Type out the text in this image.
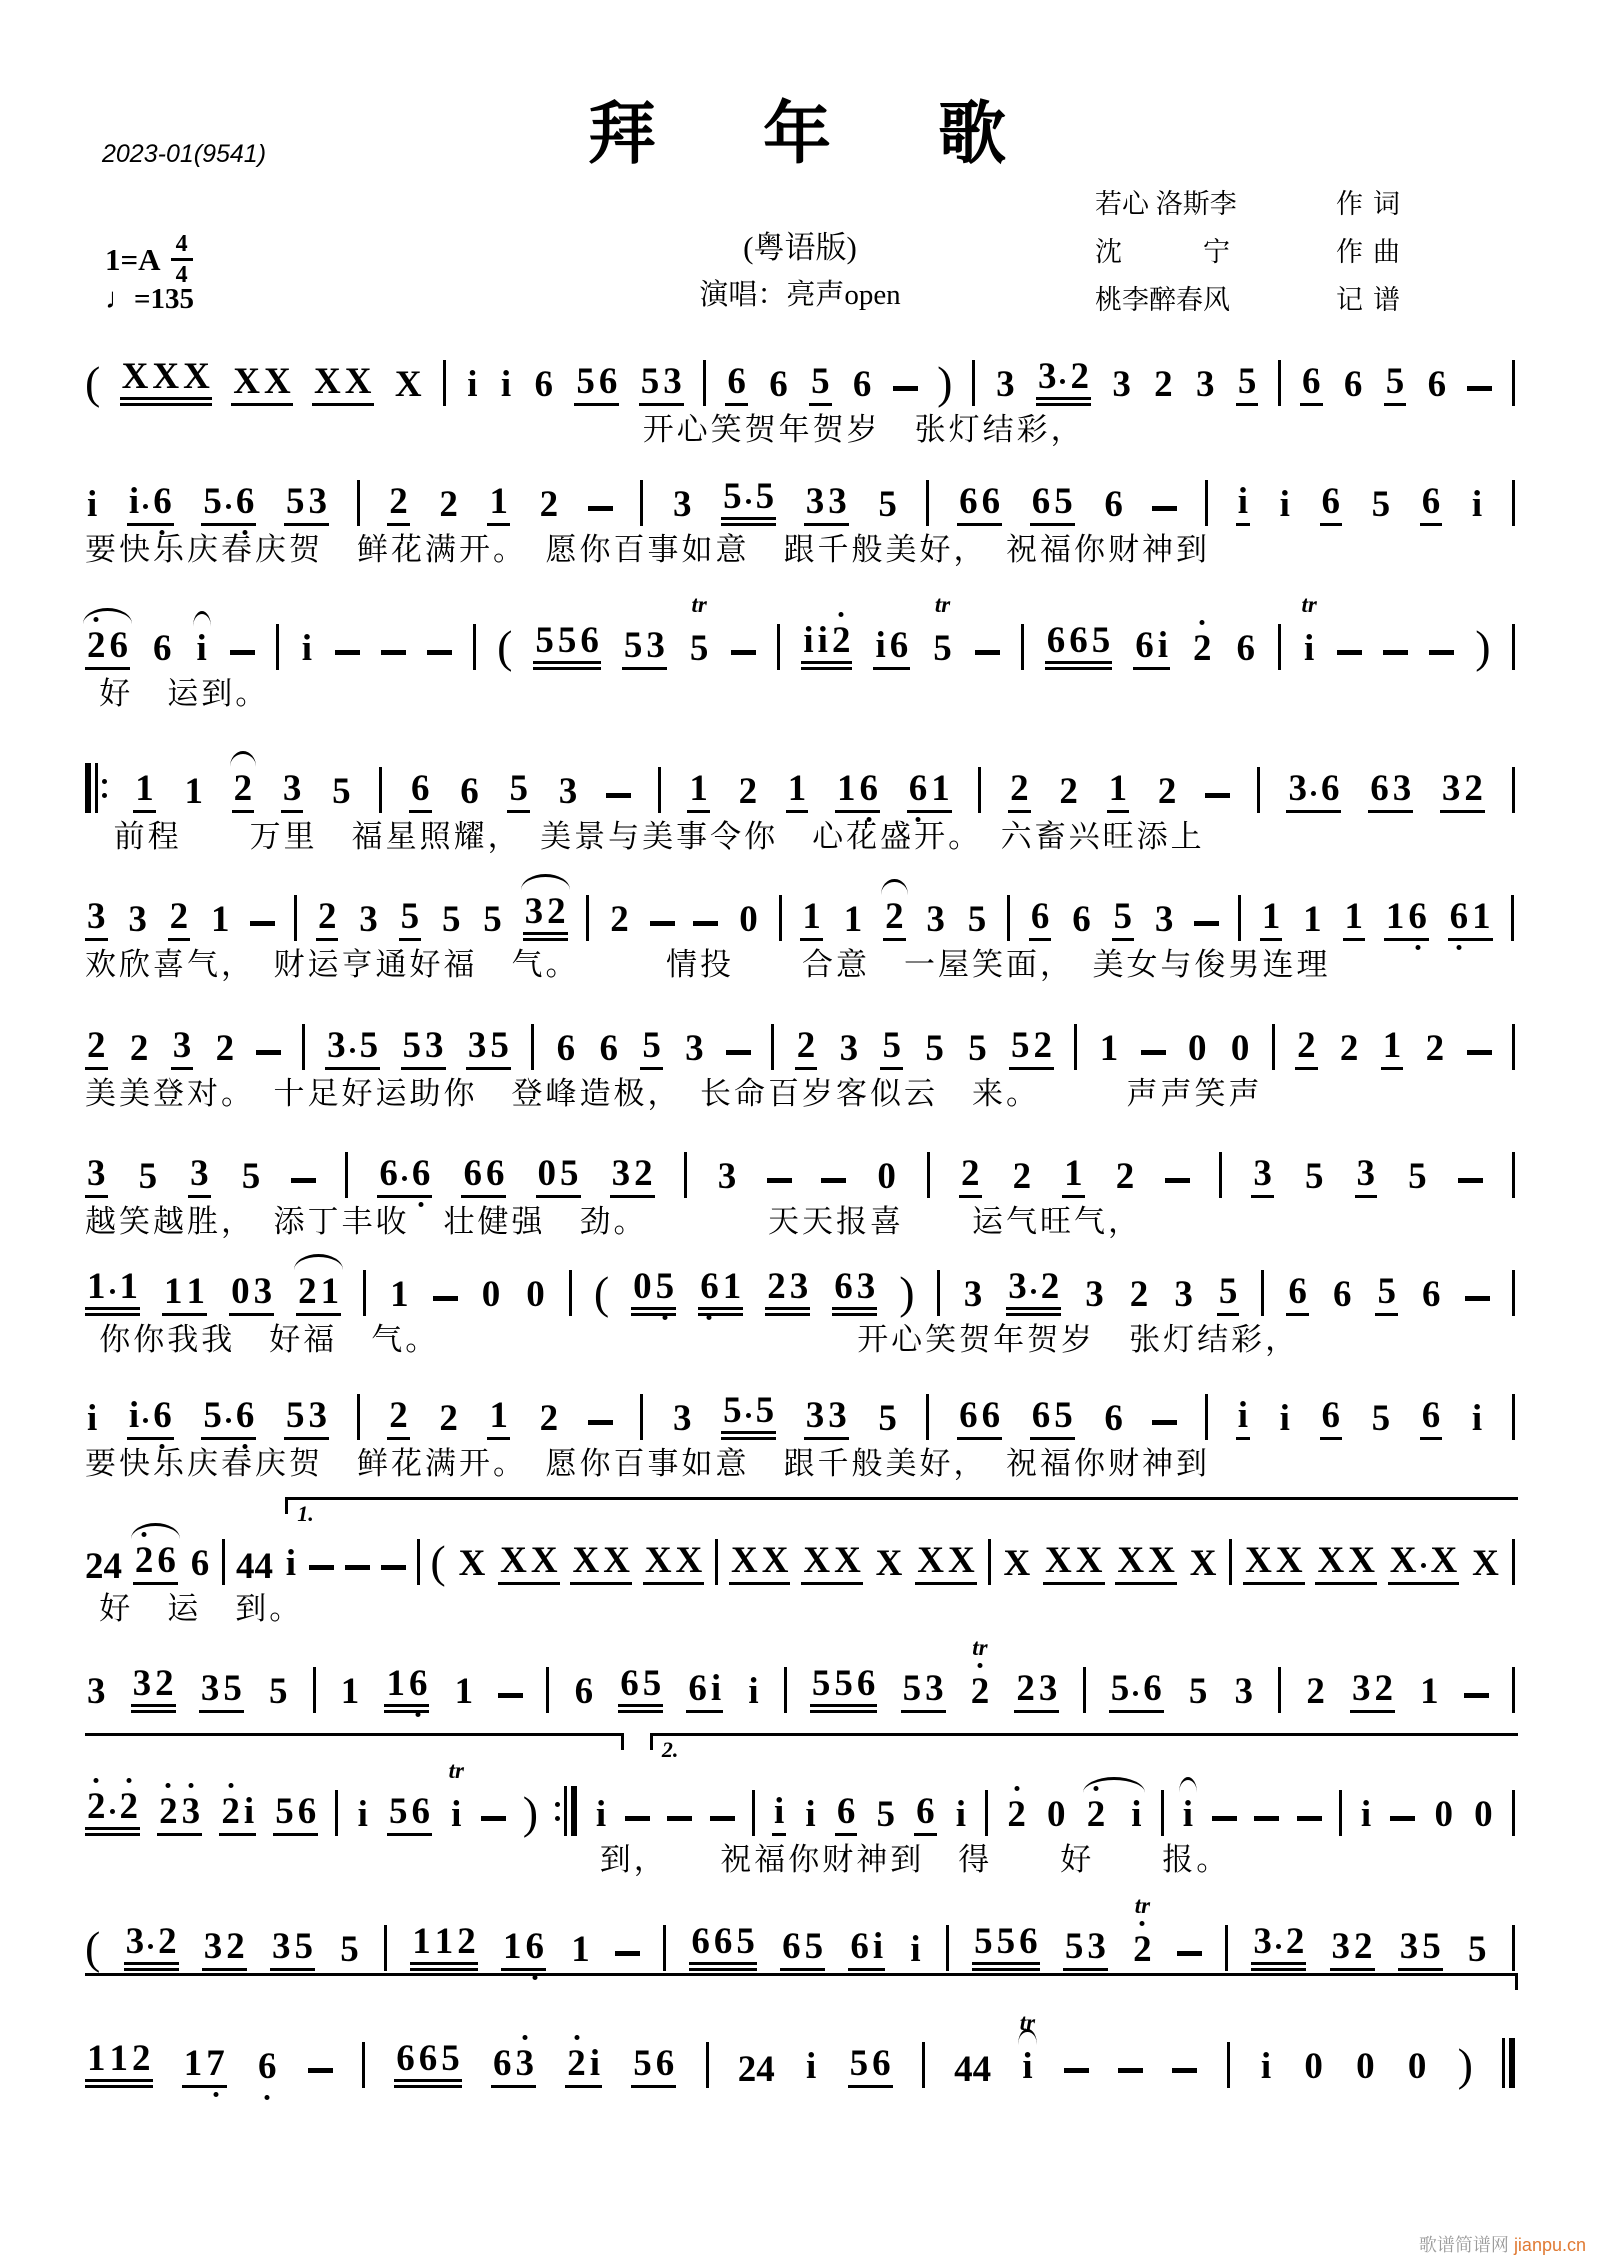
2023-01(9541)	拜 年 歌
(粤语版)
演唱：亮声open
1=A 4
4
♩=135
若心 洛斯李	作词
沈　　　宁	作曲
桃李醉春风	记谱
( X X X X X X X X i i 6 5 6 5 3 6 6 5 6 ) 3 3 2 3 2 3 5 6 6 5 6
开心笑贺年贺岁　张灯结彩，
i i 6 5 6 5 3 2 2 1 2	3 5 5 3 3 5 6 6 6 5 6	i i 6 5 6 i
要快乐庆春庆贺　鲜花满开。　愿你百事如意　跟千般美好，　祝福你财神到
2 6 6 i	i	( 5 5 6 5 3
tr
5	i i 2 i 6
tr
5	6 6 5 6 i 2 6
tr
i	)
好　运到。
1 1 2 3 5 6 6 5 3	1 2 1 1 6 6 1 2 2 1 2	3 6 6 3 3 2
前程　　万里　福星照耀，　美景与美事令你　心花盛开。　六畜兴旺添上
3 3 2 1 2 3 5 5 5 3 2 2	0 1 1 2 3 5 6 6 5 3 1 1 1 1 6 6 1
欢欣喜气，　财运亨通好福　气。　　　情投　　合意　一屋笑面，　美女与俊男连理
2 2 3 2	3 5 5 3 3 5 6 6 5 3	2 3 5 5 5 5 2 1 0 0 2 2 1 2
美美登对。　十足好运助你　登峰造极，　长命百岁客似云　来。　　　声声笑声
3 5 3 5	6 6 6 6 0 5 3 2 3	0 2 2 1 2	3 5 3 5
越笑越胜，　添丁丰收　壮健强　劲。　　　　天天报喜　　运气旺气，
1 1 1 1 0 3 2 1 1 0 0 ( 0 5 6 1 2 3 6 3 ) 3 3 2 3 2 3 5 6 6 5 6
你你我我　好福　气。	开心笑贺年贺岁　张灯结彩，
i i 6 5 6 5 3 2 2 1 2	3 5 5 3 3 5 6 6 6 5 6	i i 6 5 6 i
要快乐庆春庆贺　鲜花满开。　愿你百事如意　跟千般美好，　祝福你财神到
1.
24 2 6 6 44 i	( X X X X X X X X X X X X X X X X X X X X X X X X X X X
好　运　到。
3 3 2 3 5 5 1 1 6 1	6 6 5 6 i i 5 5 6 5 3
tr
2 2 3 5 6 5 3 2 3 2 1
2.
2 2 2 3 2 i 5 6 i 5 6
tr
i ) i	i i 6 5 6 i 2 0 2 i i	i 0 0
到，　　祝福你财神到　得　　好　　报。
( 3 2 3 2 3 5 5 1 1 2 1 6 1	6 6 5 6 5 6 i i 5 5 6 5 3
tr
2	3 2 3 2 3 5 5
1 1 2 1 7 6	6 6 5 6 3 2 i 5 6 24 i 5 6 44
tr
i	i 0 0 0 )
歌谱简谱网 jianpu.cn
